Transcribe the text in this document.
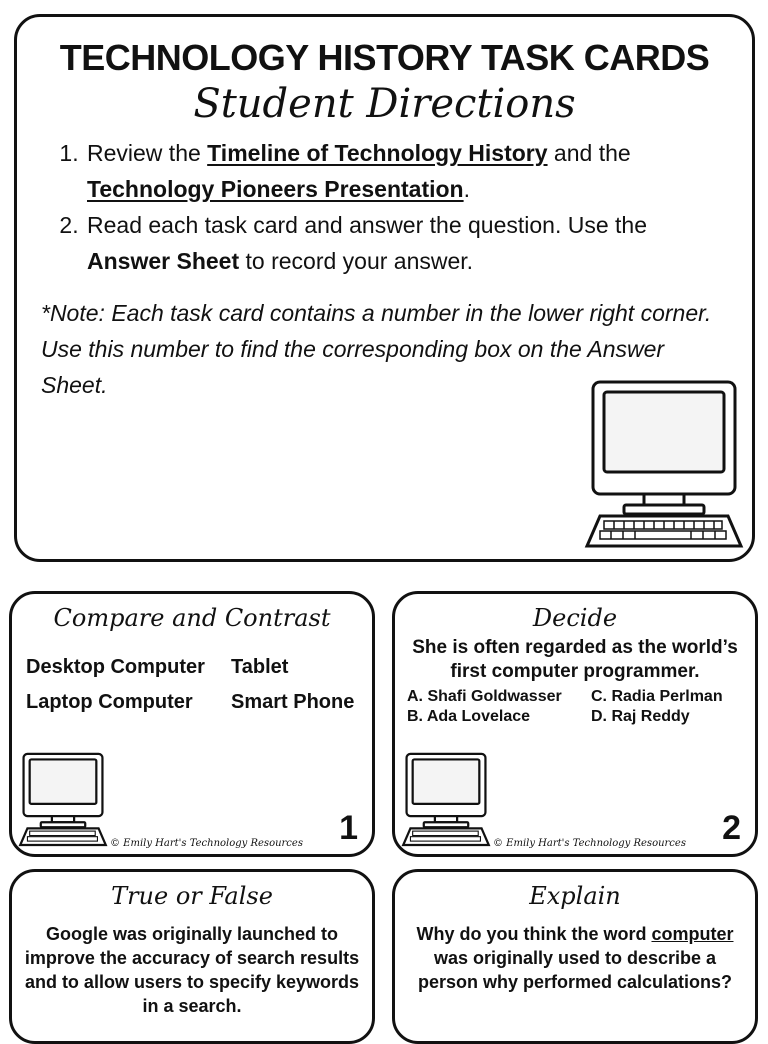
TECHNOLOGY HISTORY TASK CARDS
Student Directions
1. Review the Timeline of Technology History and the Technology Pioneers Presentation.
2. Read each task card and answer the question. Use the Answer Sheet to record your answer.
*Note: Each task card contains a number in the lower right corner. Use this number to find the corresponding box on the Answer Sheet.
Compare and Contrast
Desktop Computer	Tablet
Laptop Computer	Smart Phone
© Emily Hart's Technology Resources 1
Decide
She is often regarded as the world’s first computer programmer.
A. Shafi Goldwasser	C. Radia Perlman
B. Ada Lovelace	D. Raj Reddy
© Emily Hart's Technology Resources 2
True or False
Google was originally launched to improve the accuracy of search results and to allow users to specify keywords in a search.
Explain
Why do you think the word computer was originally used to describe a person why performed calculations?
